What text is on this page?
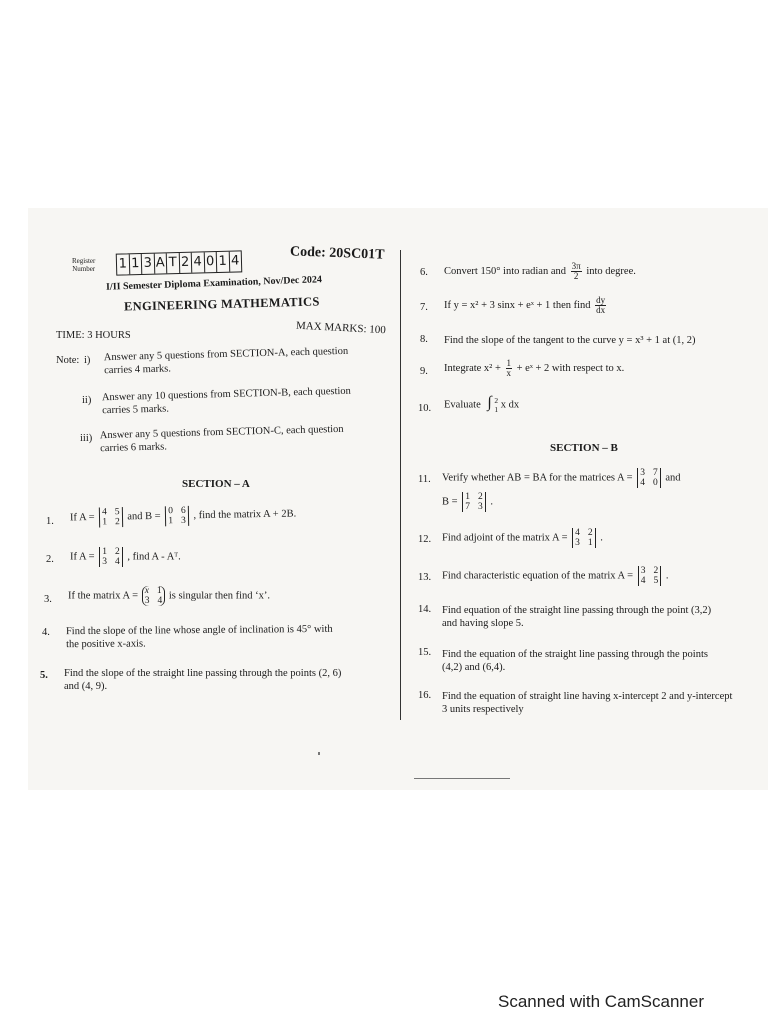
Register
Number 1 1 3 A T 2 4 0 1 4	Code: 20SC01T
I/II Semester Diploma Examination, Nov/Dec 2024
ENGINEERING MATHEMATICS
TIME: 3 HOURS	MAX MARKS: 100
Note: i) Answer any 5 questions from SECTION-A, each question
carries 4 marks.
ii) Answer any 10 questions from SECTION-B, each question
carries 5 marks.
iii) Answer any 5 questions from SECTION-C, each question
carries 6 marks.
SECTION – A
1. If A = 4 5
1 2 and B = 0 6
1 3 , find the matrix A + 2B.
2. If A = 1 2
3 4 , find A - Aᵀ.
3. If the matrix A = x 1
3 4 is singular then find ‘x’.
4. Find the slope of the line whose angle of inclination is 45° with
the positive x-axis.
5. Find the slope of the straight line passing through the points (2, 6)
and (4, 9).
6. Convert 150° into radian and $\frac{3\pi}{2}$ into degree.
7. If y = x² + 3 sinx + eˣ + 1 then find $\frac{dy}{dx}$
8. Find the slope of the tangent to the curve y = x³ + 1 at (1, 2)
9. Integrate $x^2 + \frac{1}{x}$ + eˣ + 2 with respect to x.
10. Evaluate ∫ 2
1 x dx
SECTION – B
11. Verify whether AB = BA for the matrices A = 3 7
4 0 and
B = 1 2
7 3 .
12. Find adjoint of the matrix A = 4 2
3 1 .
13. Find characteristic equation of the matrix A = 3 2
4 5 .
14. Find equation of the straight line passing through the point (3,2)
and having slope 5.
15. Find the equation of the straight line passing through the points
(4,2) and (6,4).
16. Find the equation of straight line having x-intercept 2 and y-intercept
3 units respectively
Scanned with CamScanner
